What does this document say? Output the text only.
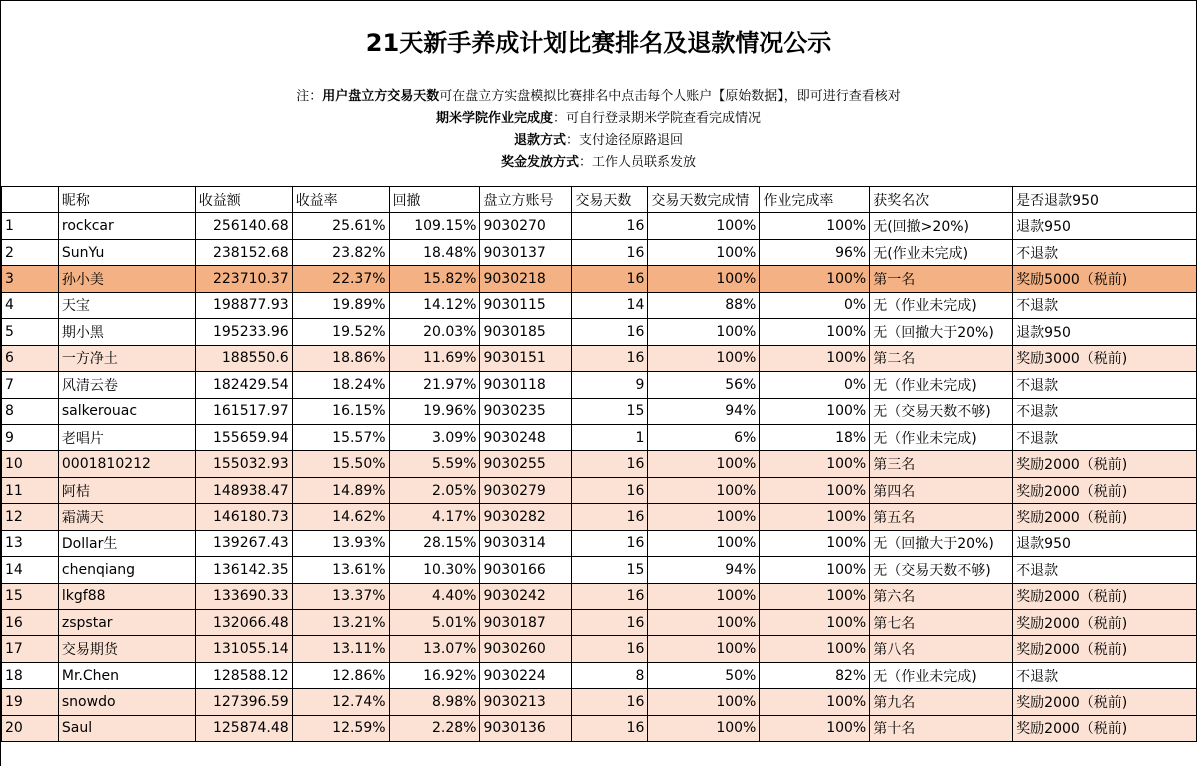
21天新手养成计划比赛排名及退款情况公示
注：用户盘立方交易天数可在盘立方实盘模拟比赛排名中点击每个人账户【原始数据】，即可进行查看核对
期米学院作业完成度：可自行登录期米学院查看完成情况
退款方式：支付途径原路退回
奖金发放方式：工作人员联系发放
	昵称	收益额	收益率	回撤	盘立方账号	交易天数	交易天数完成情	作业完成率	获奖名次	是否退款950
1	rockcar	256140.68	25.61%	109.15%	9030270	16	100%	100%	无(回撤>20%)	退款950
2	SunYu	238152.68	23.82%	18.48%	9030137	16	100%	96%	无(作业未完成)	不退款
3	孙小美	223710.37	22.37%	15.82%	9030218	16	100%	100%	第一名	奖励5000（税前)
4	天宝	198877.93	19.89%	14.12%	9030115	14	88%	0%	无（作业未完成)	不退款
5	期小黑	195233.96	19.52%	20.03%	9030185	16	100%	100%	无（回撤大于20%)	退款950
6	一方净土	188550.6	18.86%	11.69%	9030151	16	100%	100%	第二名	奖励3000（税前)
7	风清云卷	182429.54	18.24%	21.97%	9030118	9	56%	0%	无（作业未完成)	不退款
8	salkerouac	161517.97	16.15%	19.96%	9030235	15	94%	100%	无（交易天数不够)	不退款
9	老唱片	155659.94	15.57%	3.09%	9030248	1	6%	18%	无（作业未完成)	不退款
10	0001810212	155032.93	15.50%	5.59%	9030255	16	100%	100%	第三名	奖励2000（税前)
11	阿桔	148938.47	14.89%	2.05%	9030279	16	100%	100%	第四名	奖励2000（税前)
12	霜满天	146180.73	14.62%	4.17%	9030282	16	100%	100%	第五名	奖励2000（税前)
13	Dollar生	139267.43	13.93%	28.15%	9030314	16	100%	100%	无（回撤大于20%)	退款950
14	chenqiang	136142.35	13.61%	10.30%	9030166	15	94%	100%	无（交易天数不够)	不退款
15	lkgf88	133690.33	13.37%	4.40%	9030242	16	100%	100%	第六名	奖励2000（税前)
16	zspstar	132066.48	13.21%	5.01%	9030187	16	100%	100%	第七名	奖励2000（税前)
17	交易期货	131055.14	13.11%	13.07%	9030260	16	100%	100%	第八名	奖励2000（税前)
18	Mr.Chen	128588.12	12.86%	16.92%	9030224	8	50%	82%	无（作业未完成)	不退款
19	snowdo	127396.59	12.74%	8.98%	9030213	16	100%	100%	第九名	奖励2000（税前)
20	Saul	125874.48	12.59%	2.28%	9030136	16	100%	100%	第十名	奖励2000（税前)
